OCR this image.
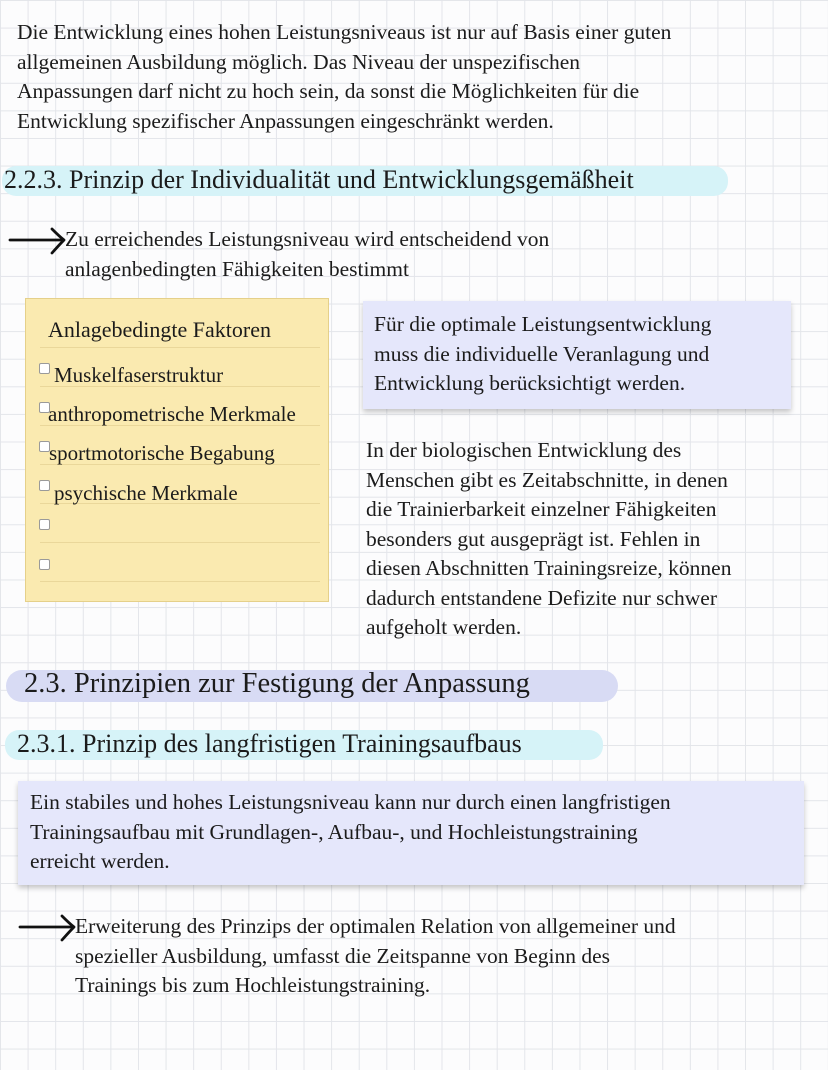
Die Entwicklung eines hohen Leistungsniveaus ist nur auf Basis einer guten
allgemeinen Ausbildung möglich. Das Niveau der unspezifischen
Anpassungen darf nicht zu hoch sein, da sonst die Möglichkeiten für die
Entwicklung spezifischer Anpassungen eingeschränkt werden.
2.2.3. Prinzip der Individualität und Entwicklungsgemäßheit
Zu erreichendes Leistungsniveau wird entscheidend von
anlagenbedingten Fähigkeiten bestimmt
Anlagebedingte Faktoren
Muskelfaserstruktur
anthropometrische Merkmale
sportmotorische Begabung
psychische Merkmale
Für die optimale Leistungsentwicklung
muss die individuelle Veranlagung und
Entwicklung berücksichtigt werden.
In der biologischen Entwicklung des
Menschen gibt es Zeitabschnitte, in denen
die Trainierbarkeit einzelner Fähigkeiten
besonders gut ausgeprägt ist. Fehlen in
diesen Abschnitten Trainingsreize, können
dadurch entstandene Defizite nur schwer
aufgeholt werden.
2.3. Prinzipien zur Festigung der Anpassung
2.3.1. Prinzip des langfristigen Trainingsaufbaus
Ein stabiles und hohes Leistungsniveau kann nur durch einen langfristigen
Trainingsaufbau mit Grundlagen-, Aufbau-, und Hochleistungstraining
erreicht werden.
Erweiterung des Prinzips der optimalen Relation von allgemeiner und
spezieller Ausbildung, umfasst die Zeitspanne von Beginn des
Trainings bis zum Hochleistungstraining.
